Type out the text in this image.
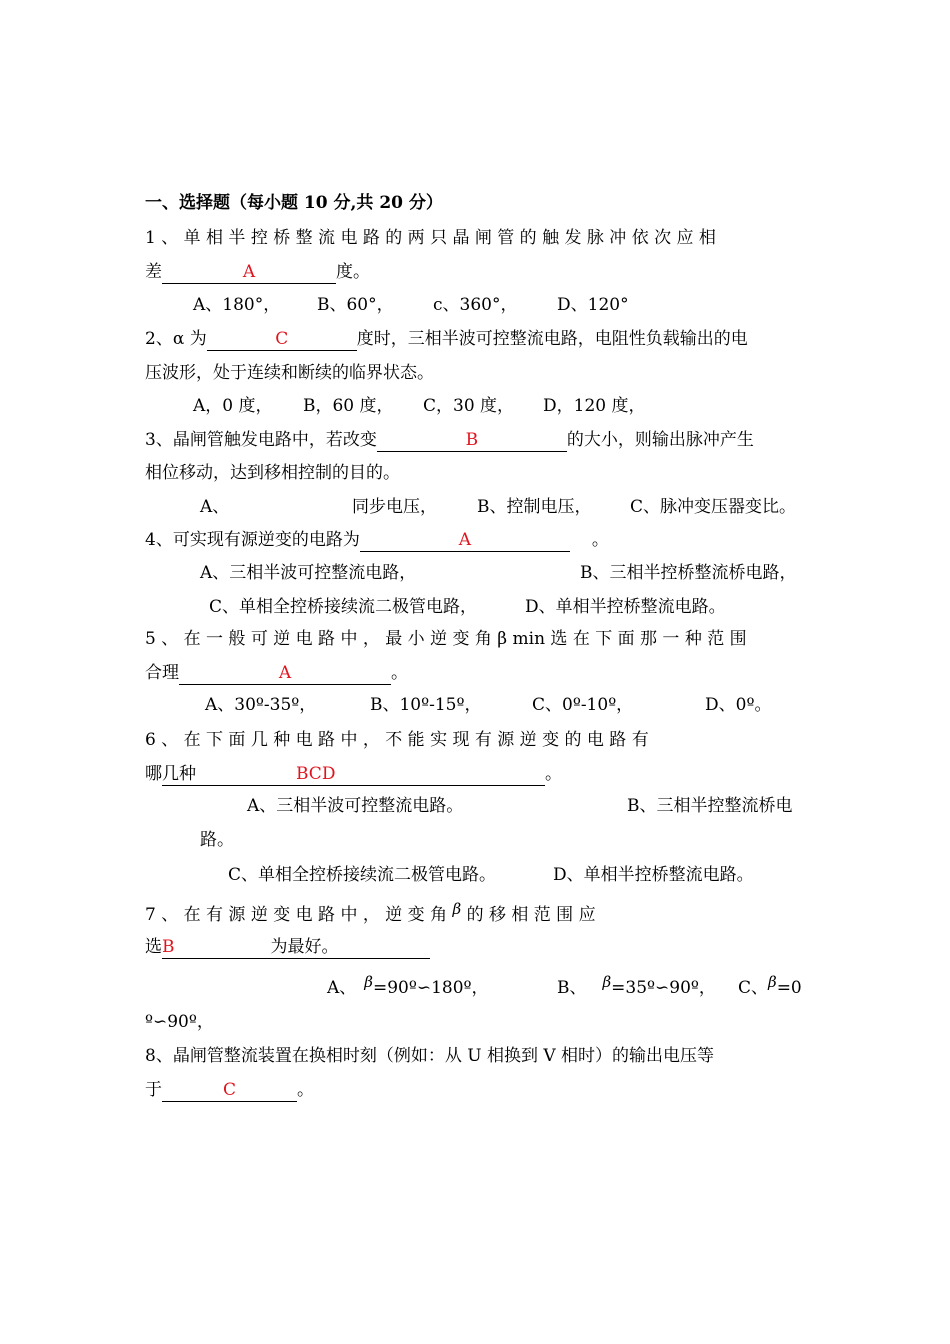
一、选择题（每小题 10 分,共 20 分）
1 、 单 相 半 控 桥 整 流 电 路 的 两 只 晶 闸 管 的 触 发 脉 冲 依 次 应 相
差	A	度。
A、180°， B、60°， c、360°， D、120°
2、α 为	C	度时，三相半波可控整流电路，电阻性负载输出的电
压波形，处于连续和断续的临界状态。
A，0 度， B，60 度， C，30 度， D，120 度，
3、晶闸管触发电路中，若改变	B	的大小，则输出脉冲产生
相位移动，达到移相控制的目的。
A、	同步电压， B、控制电压， C、脉冲变压器变比。
4、可实现有源逆变的电路为	A	。
A、三相半波可控整流电路，	B、三相半控桥整流桥电路，
C、单相全控桥接续流二极管电路，	D、单相半控桥整流电路。
5 、 在 一 般 可 逆 电 路 中 ， 最 小 逆 变 角 β min 选 在 下 面 那 一 种 范 围
合理	A	。
A、30º-35º，	B、10º-15º，	C、0º-10º，	D、0º。
6 、 在 下 面 几 种 电 路 中 ， 不 能 实 现 有 源 逆 变 的 电 路 有
哪几种	BCD	。
A、三相半波可控整流电路。	B、三相半控整流桥电
路。
C、单相全控桥接续流二极管电路。	D、单相半控桥整流电路。
7 、 在 有 源 逆 变 电 路 中 ， 逆 变 角 β 的 移 相 范 围 应
选B	为最好。
A、 β=90º∽180º，	B、 β=35º∽90º， C、β=0
º∽90º，
8、晶闸管整流装置在换相时刻（例如：从 U 相换到 V 相时）的输出电压等
于	C	。
